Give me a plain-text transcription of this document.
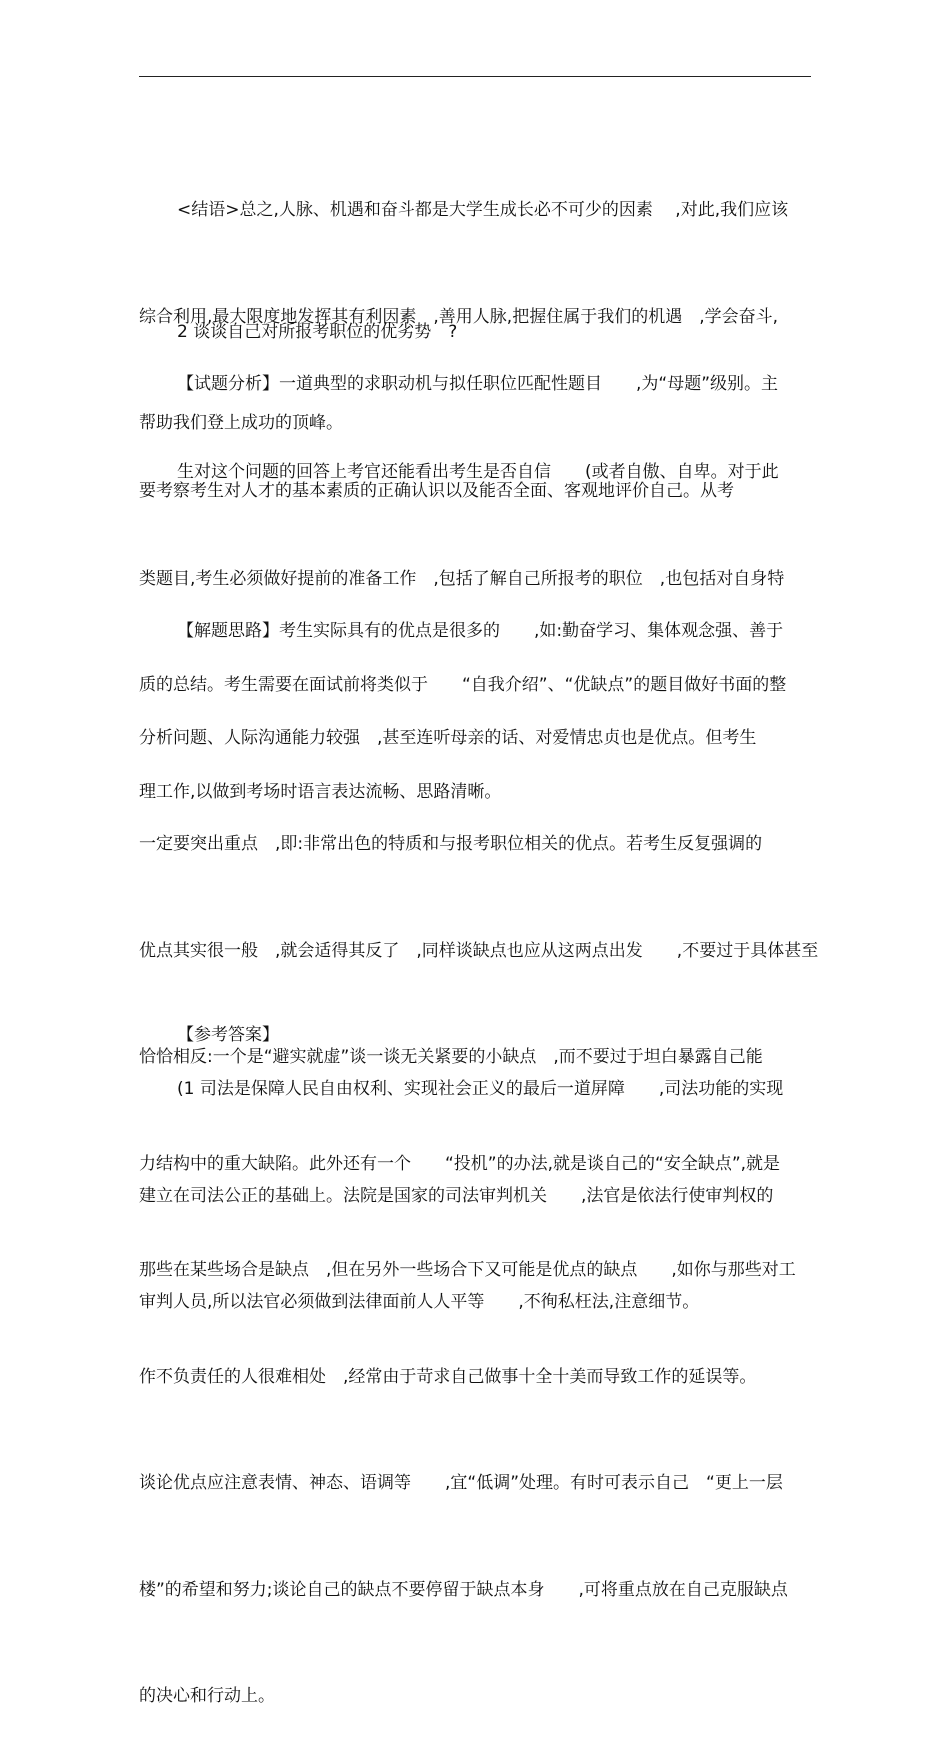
<结语>总之,人脉、机遇和奋斗都是大学生成长必不可少的因素　 ,对此,我们应该

综合利用,最大限度地发挥其有利因素　,善用人脉,把握住属于我们的机遇　,学会奋斗,

帮助我们登上成功的顶峰。

2 谈谈自己对所报考职位的优劣势　?

【试题分析】一道典型的求职动机与拟任职位匹配性题目　　,为“母题”级别。主

要考察考生对人才的基本素质的正确认识以及能否全面、客观地评价自己。从考

生对这个问题的回答上考官还能看出考生是否自信　　(或者自傲、自卑。对于此

类题目,考生必须做好提前的准备工作　,包括了解自己所报考的职位　,也包括对自身特

质的总结。考生需要在面试前将类似于　　“自我介绍”、“优缺点”的题目做好书面的整

理工作,以做到考场时语言表达流畅、思路清晰。

【解题思路】考生实际具有的优点是很多的　　,如:勤奋学习、集体观念强、善于

分析问题、人际沟通能力较强　,甚至连听母亲的话、对爱情忠贞也是优点。但考生

一定要突出重点　,即:非常出色的特质和与报考职位相关的优点。若考生反复强调的

优点其实很一般　,就会适得其反了　,同样谈缺点也应从这两点出发　　,不要过于具体甚至

恰恰相反:一个是“避实就虚”谈一谈无关紧要的小缺点　,而不要过于坦白暴露自己能

力结构中的重大缺陷。此外还有一个　　“投机”的办法,就是谈自己的“安全缺点”,就是

那些在某些场合是缺点　,但在另外一些场合下又可能是优点的缺点　　,如你与那些对工

作不负责任的人很难相处　,经常由于苛求自己做事十全十美而导致工作的延误等。

谈论优点应注意表情、神态、语调等　　,宜“低调”处理。有时可表示自己　“更上一层

楼”的希望和努力;谈论自己的缺点不要停留于缺点本身　　,可将重点放在自己克服缺点

的决心和行动上。

【参考答案】

(1 司法是保障人民自由权利、实现社会正义的最后一道屏障　　,司法功能的实现

建立在司法公正的基础上。法院是国家的司法审判机关　　,法官是依法行使审判权的

审判人员,所以法官必须做到法律面前人人平等　　,不徇私枉法,注意细节。
